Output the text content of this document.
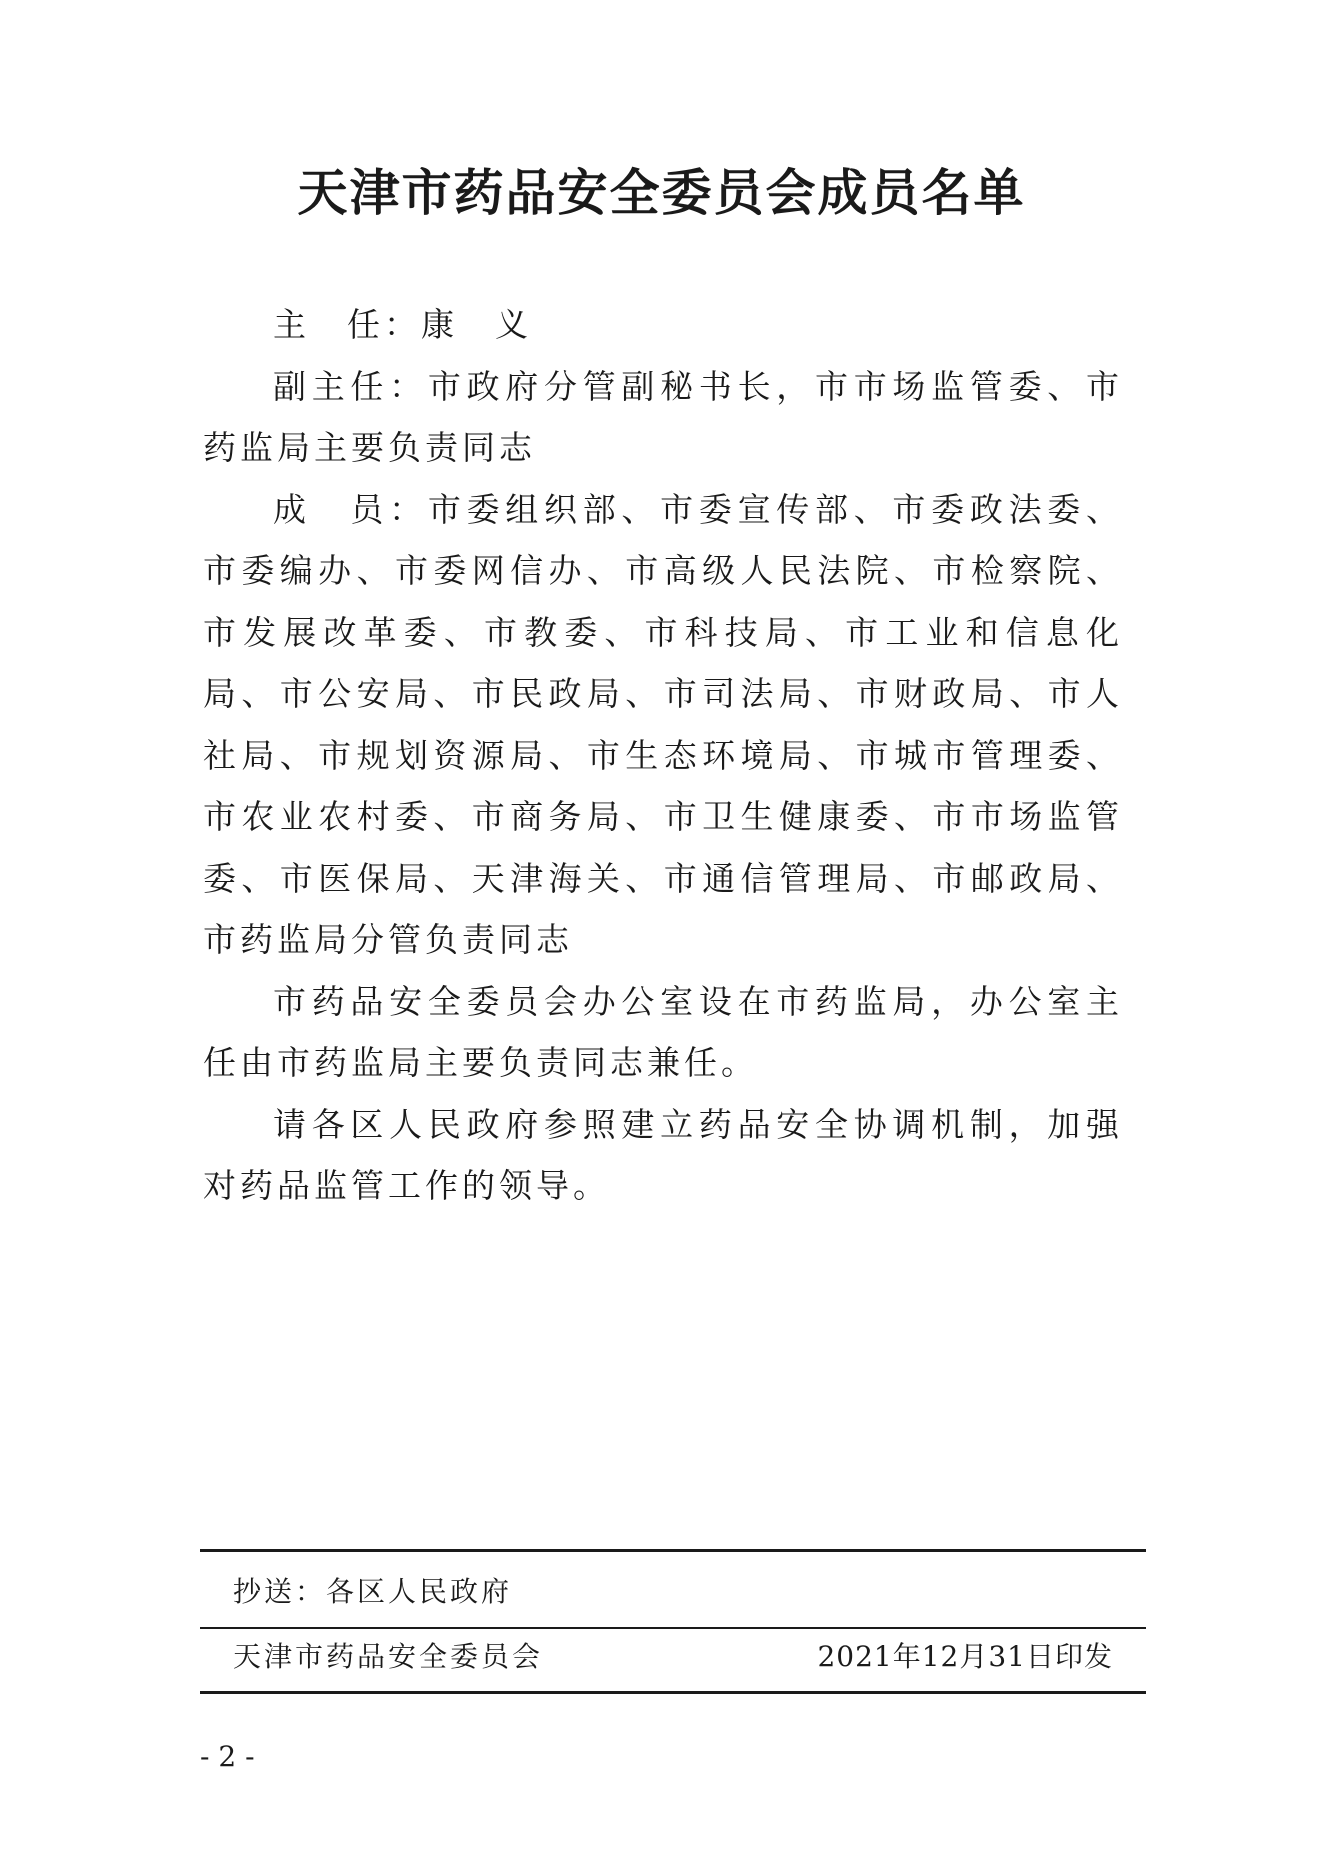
天津市药品安全委员会成员名单

主　任：康　义

副主任：市政府分管副秘书长，市市场监管委、市药监局主要负责同志

成　员：市委组织部、市委宣传部、市委政法委、市委编办、市委网信办、市高级人民法院、市检察院、市发展改革委、市教委、市科技局、市工业和信息化局、市公安局、市民政局、市司法局、市财政局、市人社局、市规划资源局、市生态环境局、市城市管理委、市农业农村委、市商务局、市卫生健康委、市市场监管委、市医保局、天津海关、市通信管理局、市邮政局、市药监局分管负责同志

市药品安全委员会办公室设在市药监局，办公室主任由市药监局主要负责同志兼任。

请各区人民政府参照建立药品安全协调机制，加强对药品监管工作的领导。

抄送：各区人民政府
天津市药品安全委员会	2021年12月31日印发
- 2 -
